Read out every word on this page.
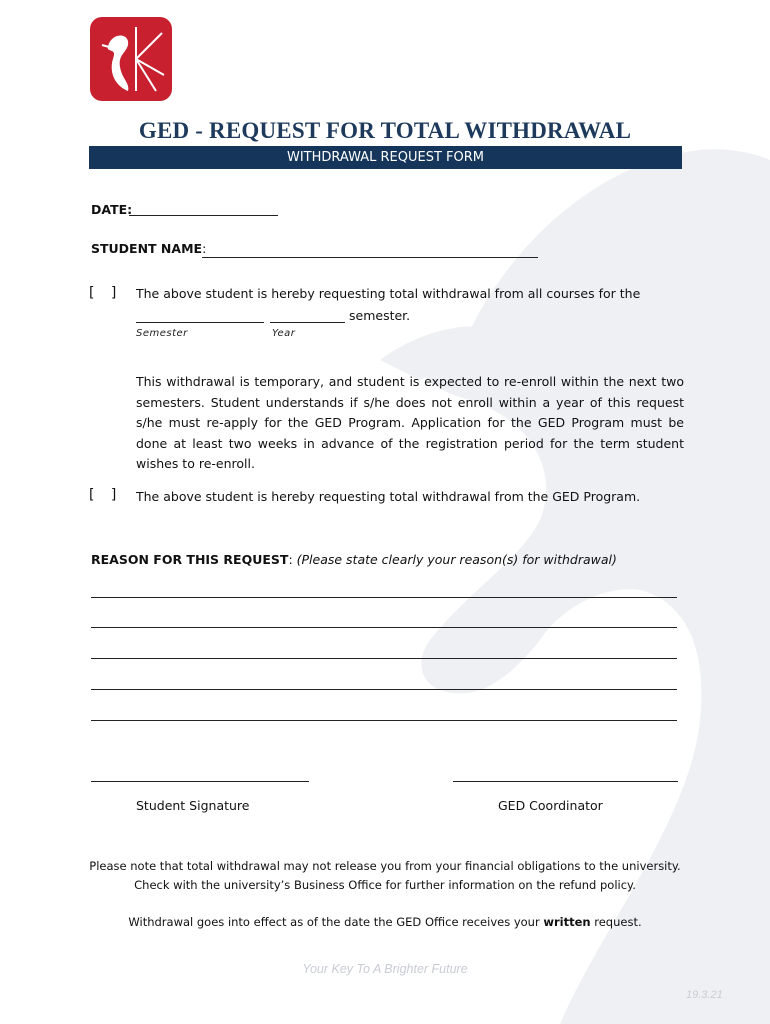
GED - REQUEST FOR TOTAL WITHDRAWAL
WITHDRAWAL REQUEST FORM
DATE:
STUDENT NAME:
[ ] The above student is hereby requesting total withdrawal from all courses for the
semester.
Semester	Year
This withdrawal is temporary, and student is expected to re-enroll within the next two semesters. Student understands if s/he does not enroll within a year of this request s/he must re-apply for the GED Program. Application for the GED Program must be done at least two weeks in advance of the registration period for the term student wishes to re-enroll.
[ ] The above student is hereby requesting total withdrawal from the GED Program.
REASON FOR THIS REQUEST: (Please state clearly your reason(s) for withdrawal)
Student Signature	GED Coordinator
Please note that total withdrawal may not release you from your financial obligations to the university.
Check with the university’s Business Office for further information on the refund policy.
Withdrawal goes into effect as of the date the GED Office receives your written request.
Your Key To A Brighter Future
19.3.21
